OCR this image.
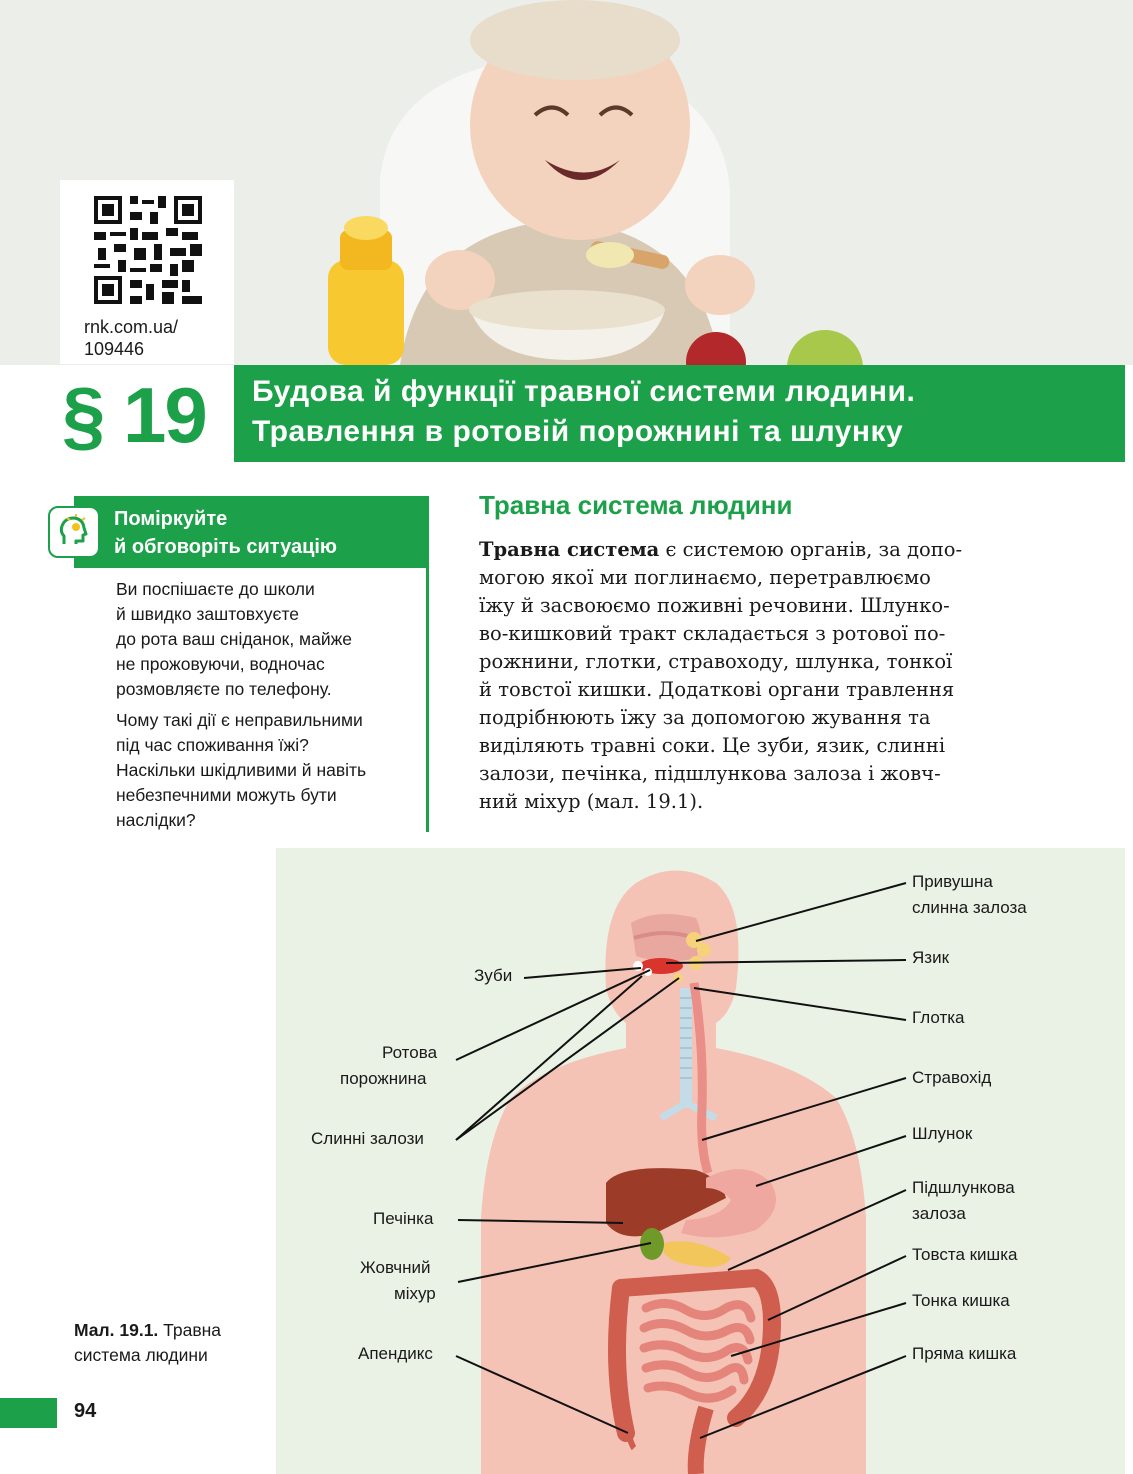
rnk.com.ua/
109446
§ 19 Будова й функції травної системи людини.
Травлення в ротовій порожнині та шлунку
Поміркуйте
й обговоріть ситуацію
Ви поспішаєте до школи
й швидко заштовхуєте
до рота ваш сніданок, майже
не прожовуючи, водночас
розмовляєте по телефону.
Чому такі дії є неправильними
під час споживання їжі?
Наскільки шкідливими й навіть
небезпечними можуть бути
наслідки?
Травна система людини
Травна система є системою органів, за допо-
могою якої ми поглинаємо, перетравлюємо
їжу й засвоюємо поживні речовини. Шлунко-
во-кишковий тракт складається з ротової по-
рожнини, глотки, стравоходу, шлунка, тонкої
й товстої кишки. Додаткові органи травлення
подрібнюють їжу за допомогою жування та
виділяють травні соки. Це зуби, язик, слинні
залози, печінка, підшлункова залоза і жовч-
ний міхур (мал. 19.1).
Зуби
Ротова
порожнина
Слинні залози
Печінка
Жовчний
міхур
Апендикс
Привушна
слинна залоза
Язик
Глотка
Стравохід
Шлунок
Підшлункова
залоза
Товста кишка
Тонка кишка
Пряма кишка
Мал. 19.1. Травна
система людини
94
